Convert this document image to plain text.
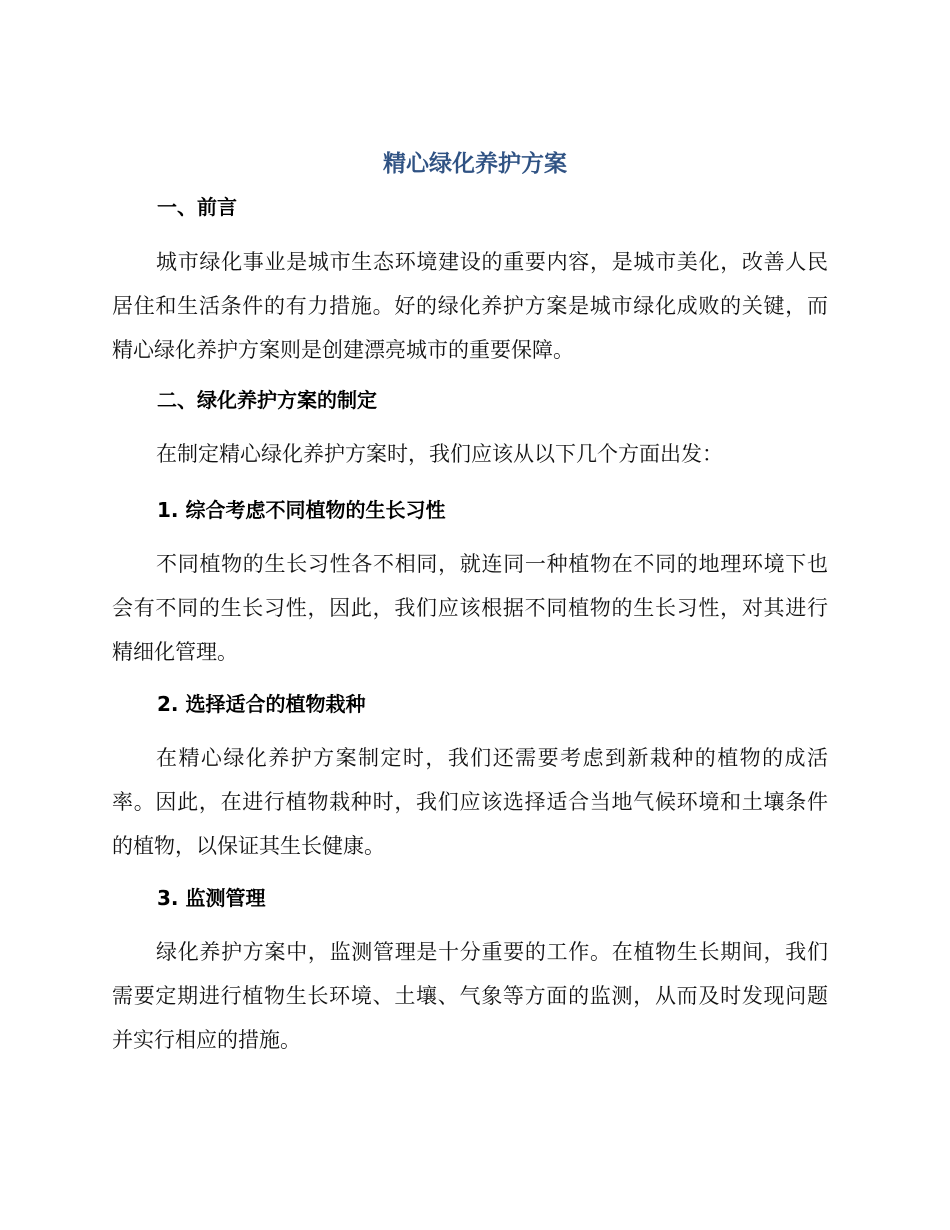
精心绿化养护方案
一、前言
城市绿化事业是城市生态环境建设的重要内容，是城市美化，改善人民
居住和生活条件的有力措施。好的绿化养护方案是城市绿化成败的关键，而
精心绿化养护方案则是创建漂亮城市的重要保障。
二、绿化养护方案的制定
在制定精心绿化养护方案时，我们应该从以下几个方面出发：
1. 综合考虑不同植物的生长习性
不同植物的生长习性各不相同，就连同一种植物在不同的地理环境下也
会有不同的生长习性，因此，我们应该根据不同植物的生长习性，对其进行
精细化管理。
2. 选择适合的植物栽种
在精心绿化养护方案制定时，我们还需要考虑到新栽种的植物的成活
率。因此，在进行植物栽种时，我们应该选择适合当地气候环境和土壤条件
的植物，以保证其生长健康。
3. 监测管理
绿化养护方案中，监测管理是十分重要的工作。在植物生长期间，我们
需要定期进行植物生长环境、土壤、气象等方面的监测，从而及时发现问题
并实行相应的措施。
